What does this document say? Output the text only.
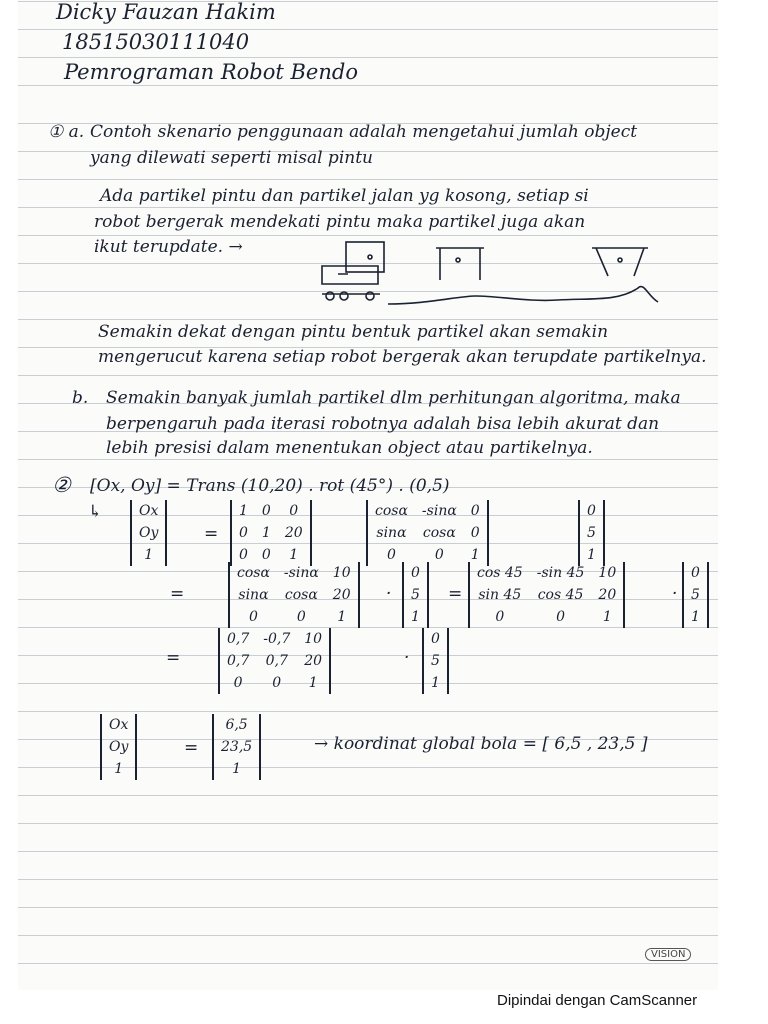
Dicky Fauzan Hakim
18515030111040
Pemrograman Robot Bendo
① a. Contoh skenario penggunaan adalah mengetahui jumlah object
yang dilewati seperti misal pintu
Ada partikel pintu dan partikel jalan yg kosong, setiap si
robot bergerak mendekati pintu maka partikel juga akan
ikut terupdate. →
Semakin dekat dengan pintu bentuk partikel akan semakin
mengerucut karena setiap robot bergerak akan terupdate partikelnya.
b. Semakin banyak jumlah partikel dlm perhitungan algoritma, maka
berpengaruh pada iterasi robotnya adalah bisa lebih akurat dan
lebih presisi dalam menentukan object atau partikelnya.
② [Ox, Oy] = Trans (10,20) . rot (45°) . (0,5)
↳	Ox
Oy
1
=
1	0	0
0	1	20
0	0	1
cosα	-sinα	0
sinα	cosα	0
0	0	1
0
5
1
=
cosα	-sinα	10
sinα	cosα	20
0	0	1
·
0
5
1
=
cos 45	-sin 45	10
sin 45	cos 45	20
0	0	1
·
0
5
1
=
0,7	-0,7	10
0,7	0,7	20
0	0	1
·
0
5
1
Ox
Oy
1
=
6,5
23,5
1
→ koordinat global bola = [ 6,5 , 23,5 ]
VISION
Dipindai dengan CamScanner
